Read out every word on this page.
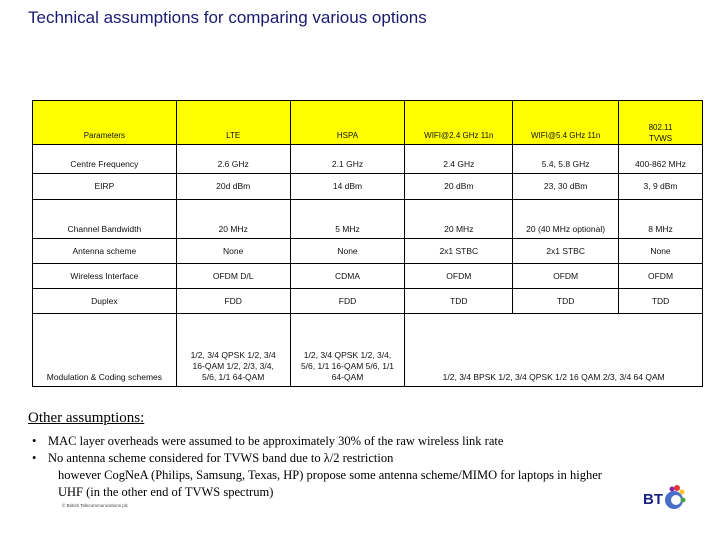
Technical assumptions for comparing various options
Parameters	LTE	HSPA	WIFI@2.4 GHz 11n	WIFI@5.4 GHz 11n	802.11 TVWS
Centre Frequency	2.6 GHz	2.1 GHz	2.4 GHz	5.4, 5.8 GHz	400-862 MHz
EIRP	20d dBm	14 dBm	20 dBm	23, 30 dBm	3, 9 dBm
Channel Bandwidth	20 MHz	5 MHz	20 MHz	20 (40 MHz optional)	8 MHz
Antenna scheme	None	None	2x1 STBC	2x1 STBC	None
Wireless Interface	OFDM D/L	CDMA	OFDM	OFDM	OFDM
Duplex	FDD	FDD	TDD	TDD	TDD
Modulation & Coding schemes	1/2, 3/4 QPSK 1/2, 3/4 16-QAM 1/2, 2/3, 3/4, 5/6, 1/1 64-QAM	1/2, 3/4 QPSK 1/2, 3/4, 5/6, 1/1 16-QAM 5/6, 1/1 64-QAM	1/2, 3/4 BPSK 1/2, 3/4 QPSK 1/2 16 QAM 2/3, 3/4 64 QAM		
Other assumptions:
• MAC layer overheads were assumed to be approximately 30% of the raw wireless link rate
• No antenna scheme considered for TVWS band due to λ/2 restriction
however CogNeA (Philips, Samsung, Texas, HP) propose some antenna scheme/MIMO for laptops in higher
UHF (in the other end of TVWS spectrum)
© British Telecommunications plc	BT
